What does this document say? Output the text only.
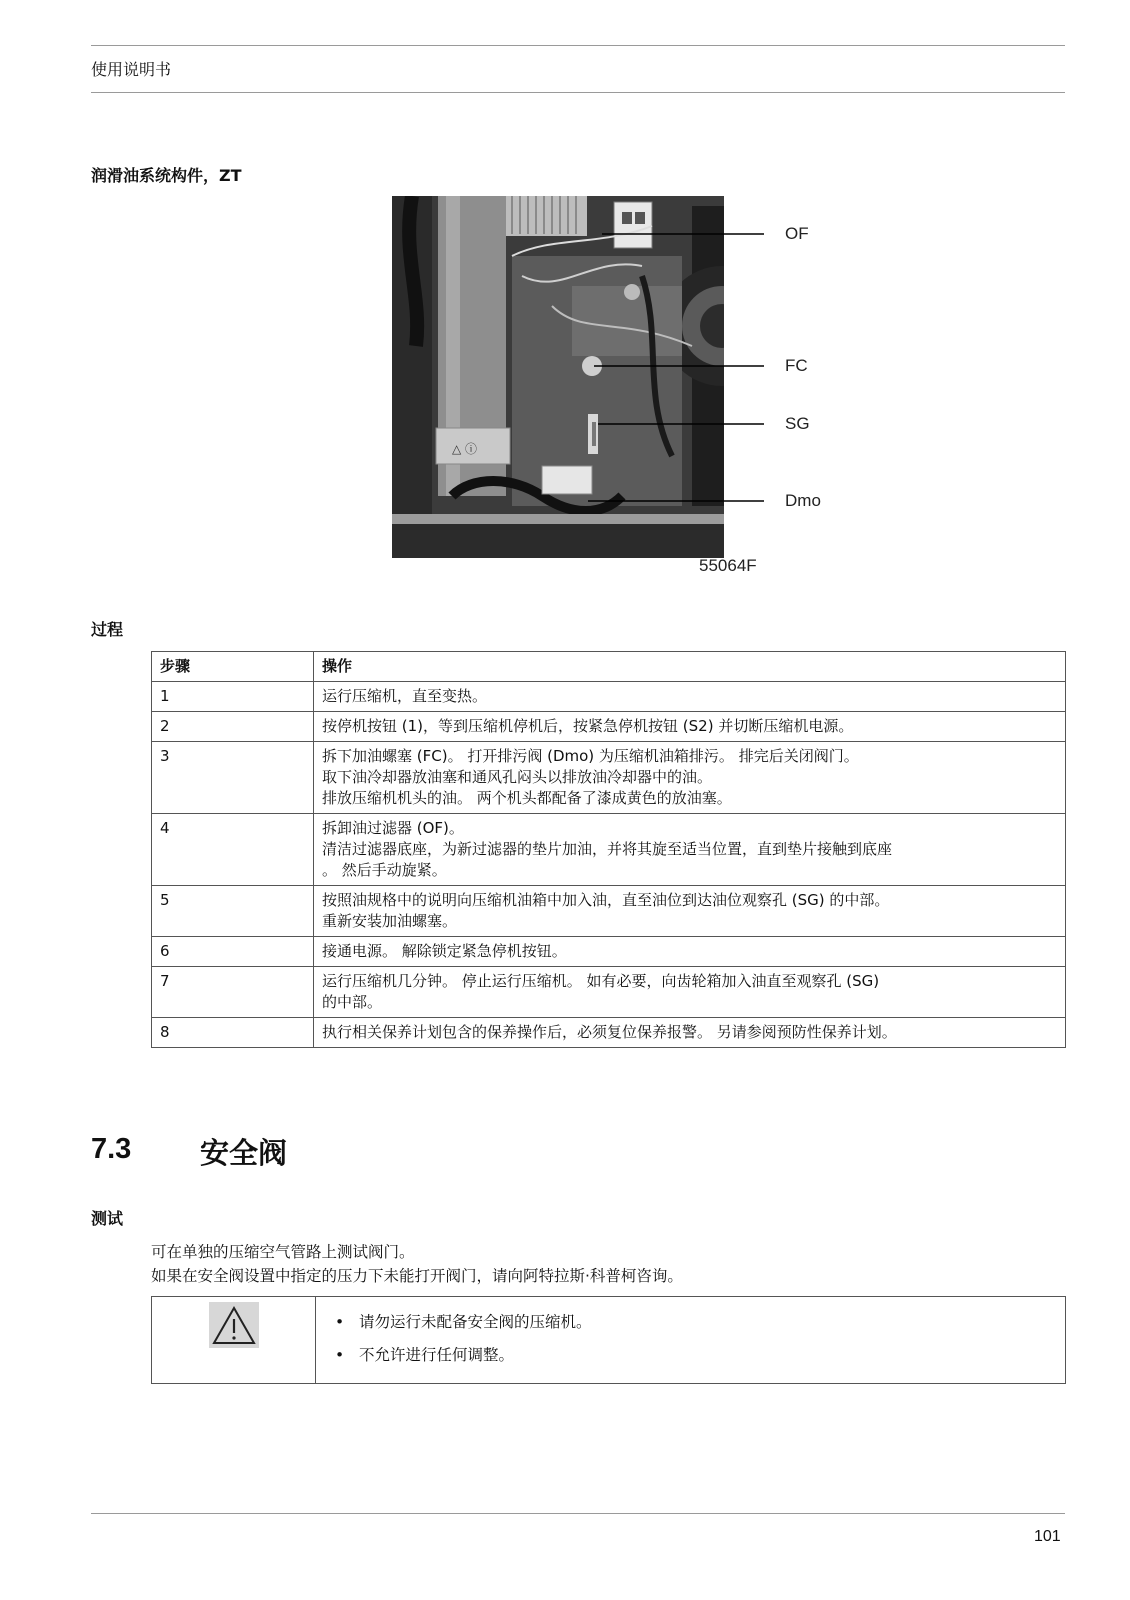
使用说明书
润滑油系统构件，ZT
△ ⓘ
OF
FC
SG
Dmo
55064F
过程
步骤	操作
1	运行压缩机，直至变热。

2	按停机按钮 (1)，等到压缩机停机后，按紧急停机按钮 (S2) 并切断压缩机电源。

3	拆下加油螺塞 (FC)。 打开排污阀 (Dmo) 为压缩机油箱排污。 排完后关闭阀门。
取下油冷却器放油塞和通风孔闷头以排放油冷却器中的油。
排放压缩机机头的油。 两个机头都配备了漆成黄色的放油塞。

4	拆卸油过滤器 (OF)。
清洁过滤器底座，为新过滤器的垫片加油，并将其旋至适当位置，直到垫片接触到底座
。 然后手动旋紧。

5	按照油规格中的说明向压缩机油箱中加入油，直至油位到达油位观察孔 (SG) 的中部。
重新安装加油螺塞。

6	接通电源。 解除锁定紧急停机按钮。

7	运行压缩机几分钟。 停止运行压缩机。 如有必要，向齿轮箱加入油直至观察孔 (SG)
的中部。

8	执行相关保养计划包含的保养操作后，必须复位保养报警。 另请参阅预防性保养计划。
7.3 安全阀
测试
可在单独的压缩空气管路上测试阀门。
如果在安全阀设置中指定的压力下未能打开阀门，请向阿特拉斯·科普柯咨询。

• 请勿运行未配备安全阀的压缩机。
• 不允许进行任何调整。
101
